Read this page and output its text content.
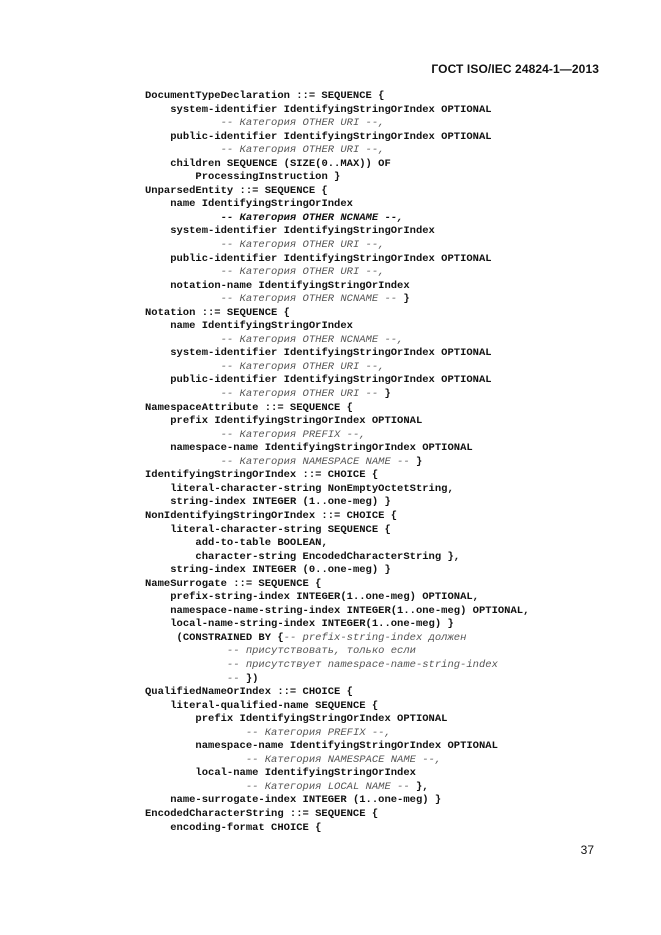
ГОСТ ISO/IEC 24824-1—2013
DocumentTypeDeclaration ::= SEQUENCE {
system-identifier IdentifyingStringOrIndex OPTIONAL
-- Категория OTHER URI --,
public-identifier IdentifyingStringOrIndex OPTIONAL
-- Категория OTHER URI --,
children SEQUENCE (SIZE(0..MAX)) OF
ProcessingInstruction }
UnparsedEntity ::= SEQUENCE {
name IdentifyingStringOrIndex
-- Категория OTHER NCNAME --,
system-identifier IdentifyingStringOrIndex
-- Категория OTHER URI --,
public-identifier IdentifyingStringOrIndex OPTIONAL
-- Категория OTHER URI --,
notation-name IdentifyingStringOrIndex
-- Категория OTHER NCNAME -- }
Notation ::= SEQUENCE {
name IdentifyingStringOrIndex
-- Категория OTHER NCNAME --,
system-identifier IdentifyingStringOrIndex OPTIONAL
-- Категория OTHER URI --,
public-identifier IdentifyingStringOrIndex OPTIONAL
-- Категория OTHER URI -- }
NamespaceAttribute ::= SEQUENCE {
prefix IdentifyingStringOrIndex OPTIONAL
-- Категория PREFIX --,
namespace-name IdentifyingStringOrIndex OPTIONAL
-- Категория NAMESPACE NAME -- }
IdentifyingStringOrIndex ::= CHOICE {
literal-character-string NonEmptyOctetString,
string-index INTEGER (1..one-meg) }
NonIdentifyingStringOrIndex ::= CHOICE {
literal-character-string SEQUENCE {
add-to-table BOOLEAN,
character-string EncodedCharacterString },
string-index INTEGER (0..one-meg) }
NameSurrogate ::= SEQUENCE {
prefix-string-index INTEGER(1..one-meg) OPTIONAL,
namespace-name-string-index INTEGER(1..one-meg) OPTIONAL,
local-name-string-index INTEGER(1..one-meg) }
(CONSTRAINED BY {-- prefix-string-index должен
-- присутствовать, только если
-- присутствует namespace-name-string-index
-- })
QualifiedNameOrIndex ::= CHOICE {
literal-qualified-name SEQUENCE {
prefix IdentifyingStringOrIndex OPTIONAL
-- Категория PREFIX --,
namespace-name IdentifyingStringOrIndex OPTIONAL
-- Категория NAMESPACE NAME --,
local-name IdentifyingStringOrIndex
-- Категория LOCAL NAME -- },
name-surrogate-index INTEGER (1..one-meg) }
EncodedCharacterString ::= SEQUENCE {
encoding-format CHOICE {
37
